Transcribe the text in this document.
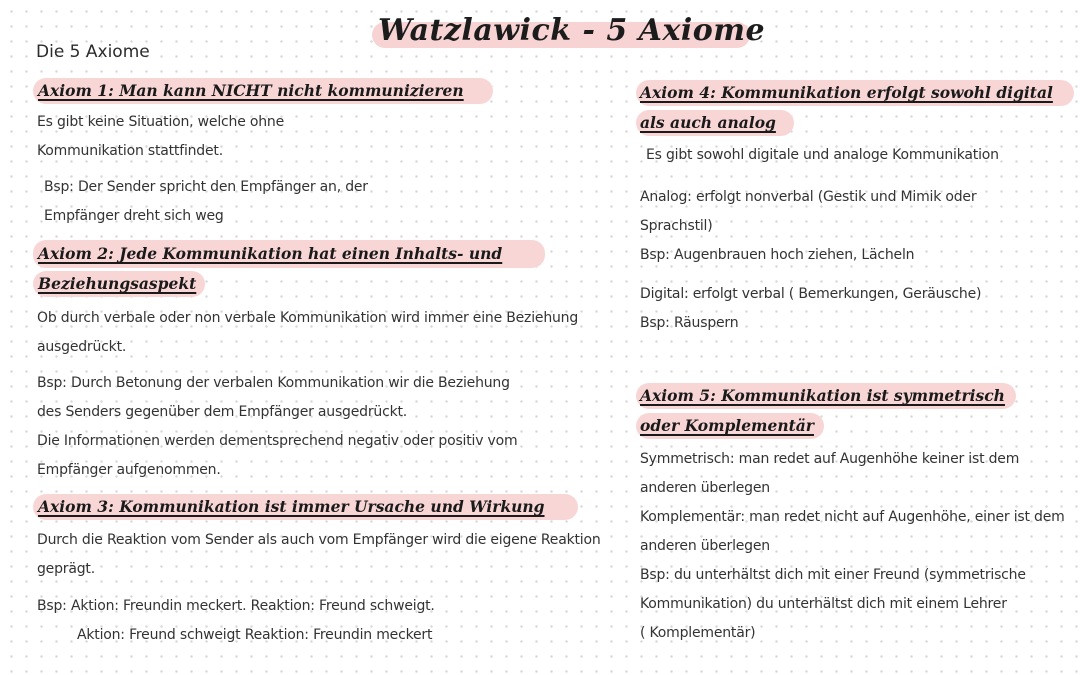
Watzlawick - 5 Axiome
Die 5 Axiome
Axiom 1: Man kann NICHT nicht kommunizieren
Es gibt keine Situation, welche ohne
Kommunikation stattfindet.
Bsp: Der Sender spricht den Empfänger an, der
Empfänger dreht sich weg
Axiom 2: Jede Kommunikation hat einen Inhalts- und
Beziehungsaspekt
Ob durch verbale oder non verbale Kommunikation wird immer eine Beziehung
ausgedrückt.
Bsp: Durch Betonung der verbalen Kommunikation wir die Beziehung
des Senders gegenüber dem Empfänger ausgedrückt.
Die Informationen werden dementsprechend negativ oder positiv vom
Empfänger aufgenommen.
Axiom 3: Kommunikation ist immer Ursache und Wirkung
Durch die Reaktion vom Sender als auch vom Empfänger wird die eigene Reaktion
geprägt.
Bsp: Aktion: Freundin meckert. Reaktion: Freund schweigt.
Aktion: Freund schweigt Reaktion: Freundin meckert
Axiom 4: Kommunikation erfolgt sowohl digital
als auch analog
Es gibt sowohl digitale und analoge Kommunikation
Analog: erfolgt nonverbal (Gestik und Mimik oder
Sprachstil)
Bsp: Augenbrauen hoch ziehen, Lächeln
Digital: erfolgt verbal ( Bemerkungen, Geräusche)
Bsp: Räuspern
Axiom 5: Kommunikation ist symmetrisch
oder Komplementär
Symmetrisch: man redet auf Augenhöhe keiner ist dem
anderen überlegen
Komplementär: man redet nicht auf Augenhöhe, einer ist dem
anderen überlegen
Bsp: du unterhältst dich mit einer Freund (symmetrische
Kommunikation) du unterhältst dich mit einem Lehrer
( Komplementär)
